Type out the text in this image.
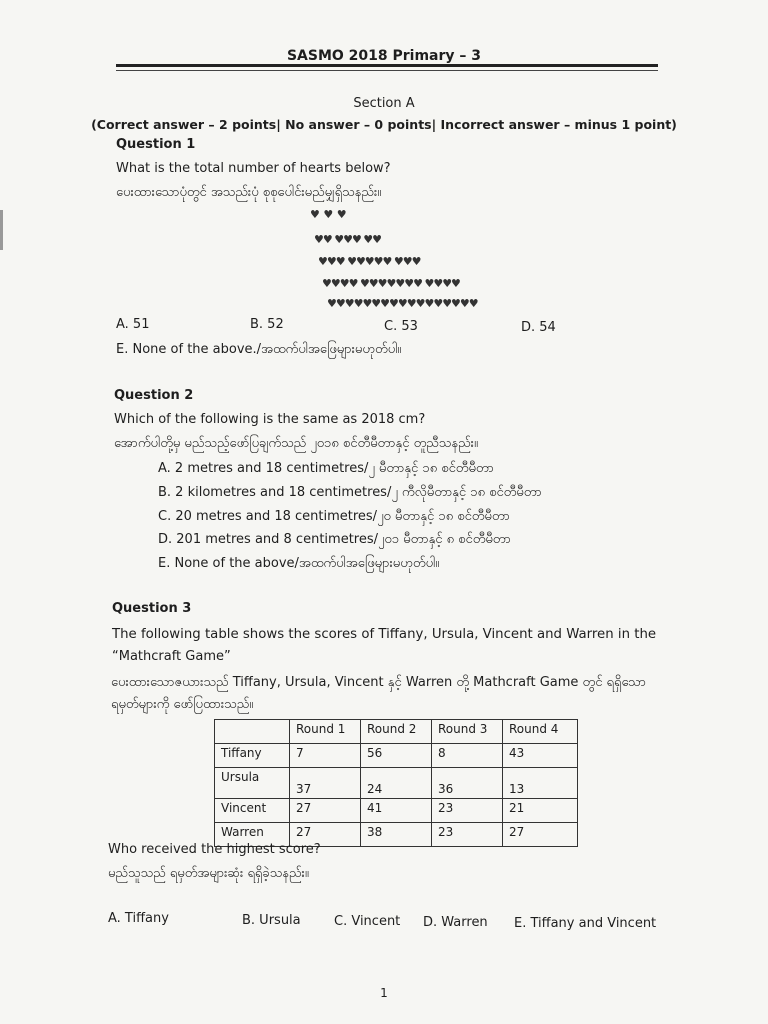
SASMO 2018 Primary – 3
Section A
(Correct answer – 2 points| No answer – 0 points| Incorrect answer – minus 1 point)
Question 1
What is the total number of hearts below?
ပေးထားသောပုံတွင် အသည်းပုံ စုစုပေါင်းမည်မျှရှိသနည်း။
♥ ♥ ♥
♥♥ ♥♥♥ ♥♥
♥♥♥ ♥♥♥♥♥ ♥♥♥
♥♥♥♥ ♥♥♥♥♥♥♥ ♥♥♥♥
♥♥♥♥♥♥♥♥♥♥♥♥♥♥♥♥♥
A. 51	B. 52	C. 53	D. 54
E. None of the above./အထက်ပါအဖြေများမဟုတ်ပါ။
Question 2
Which of the following is the same as 2018 cm?
အောက်ပါတို့မှ မည်သည့်ဖော်ပြချက်သည် ၂၀၁၈ စင်တီမီတာနှင့် တူညီသနည်း။
A. 2 metres and 18 centimetres/၂ မီတာနှင့် ၁၈ စင်တီမီတာ
B. 2 kilometres and 18 centimetres/၂ ကီလိုမီတာနှင့် ၁၈ စင်တီမီတာ
C. 20 metres and 18 centimetres/၂၀ မီတာနှင့် ၁၈ စင်တီမီတာ
D. 201 metres and 8 centimetres/၂၀၁ မီတာနှင့် ၈ စင်တီမီတာ
E. None of the above/အထက်ပါအဖြေများမဟုတ်ပါ။
Question 3
The following table shows the scores of Tiffany, Ursula, Vincent and Warren in the
“Mathcraft Game”
ပေးထားသောဇယားသည် Tiffany, Ursula, Vincent နှင့် Warren တို့ Mathcraft Game တွင် ရရှိသော
ရမှတ်များကို ဖော်ပြထားသည်။
	Round 1	Round 2	Round 3	Round 4
Tiffany	7	56	8	43
Ursula	37	24	36	13
Vincent	27	41	23	21
Warren	27	38	23	27
Who received the highest score?
မည်သူသည် ရမှတ်အများဆုံး ရရှိခဲ့သနည်း။
A. Tiffany	B. Ursula	C. Vincent D. Warren E. Tiffany and Vincent
1
